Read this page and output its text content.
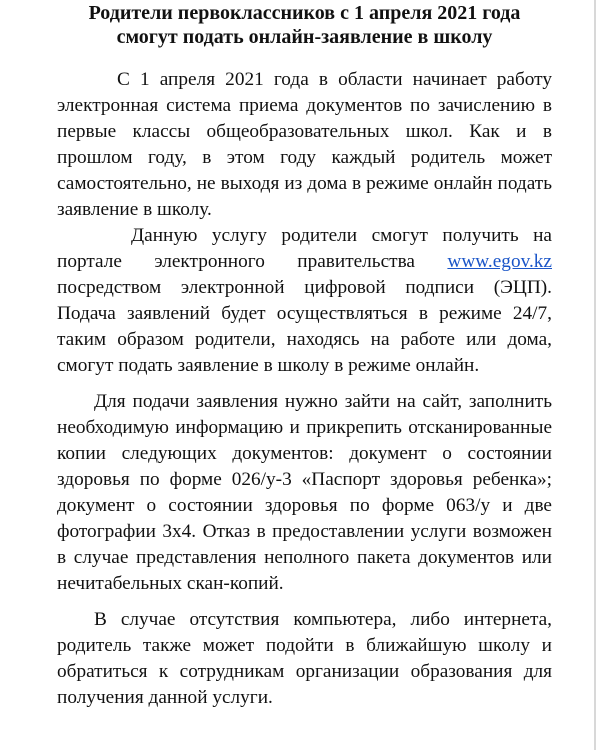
Родители первоклассников с 1 апреля 2021 года
смогут подать онлайн-заявление в школу

С 1 апреля 2021 года в области начинает работу электронная система приема документов по зачислению в первые классы общеобразовательных школ. Как и в прошлом году, в этом году каждый родитель может самостоятельно, не выходя из дома в режиме онлайн подать заявление в школу.

Данную услугу родители смогут получить на портале электронного правительства www.egov.kz посредством электронной цифровой подписи (ЭЦП). Подача заявлений будет осуществляться в режиме 24/7, таким образом родители, находясь на работе или дома, смогут подать заявление в школу в режиме онлайн.

Для подачи заявления нужно зайти на сайт, заполнить необходимую информацию и прикрепить отсканированные копии следующих документов: документ о состоянии здоровья по форме 026/у-3 «Паспорт здоровья ребенка»; документ о состоянии здоровья по форме 063/у и две фотографии 3х4. Отказ в предоставлении услуги возможен в случае представления неполного пакета документов или нечитабельных скан-копий.

В случае отсутствия компьютера, либо интернета, родитель также может подойти в ближайшую школу и обратиться к сотрудникам организации образования для получения данной услуги.
